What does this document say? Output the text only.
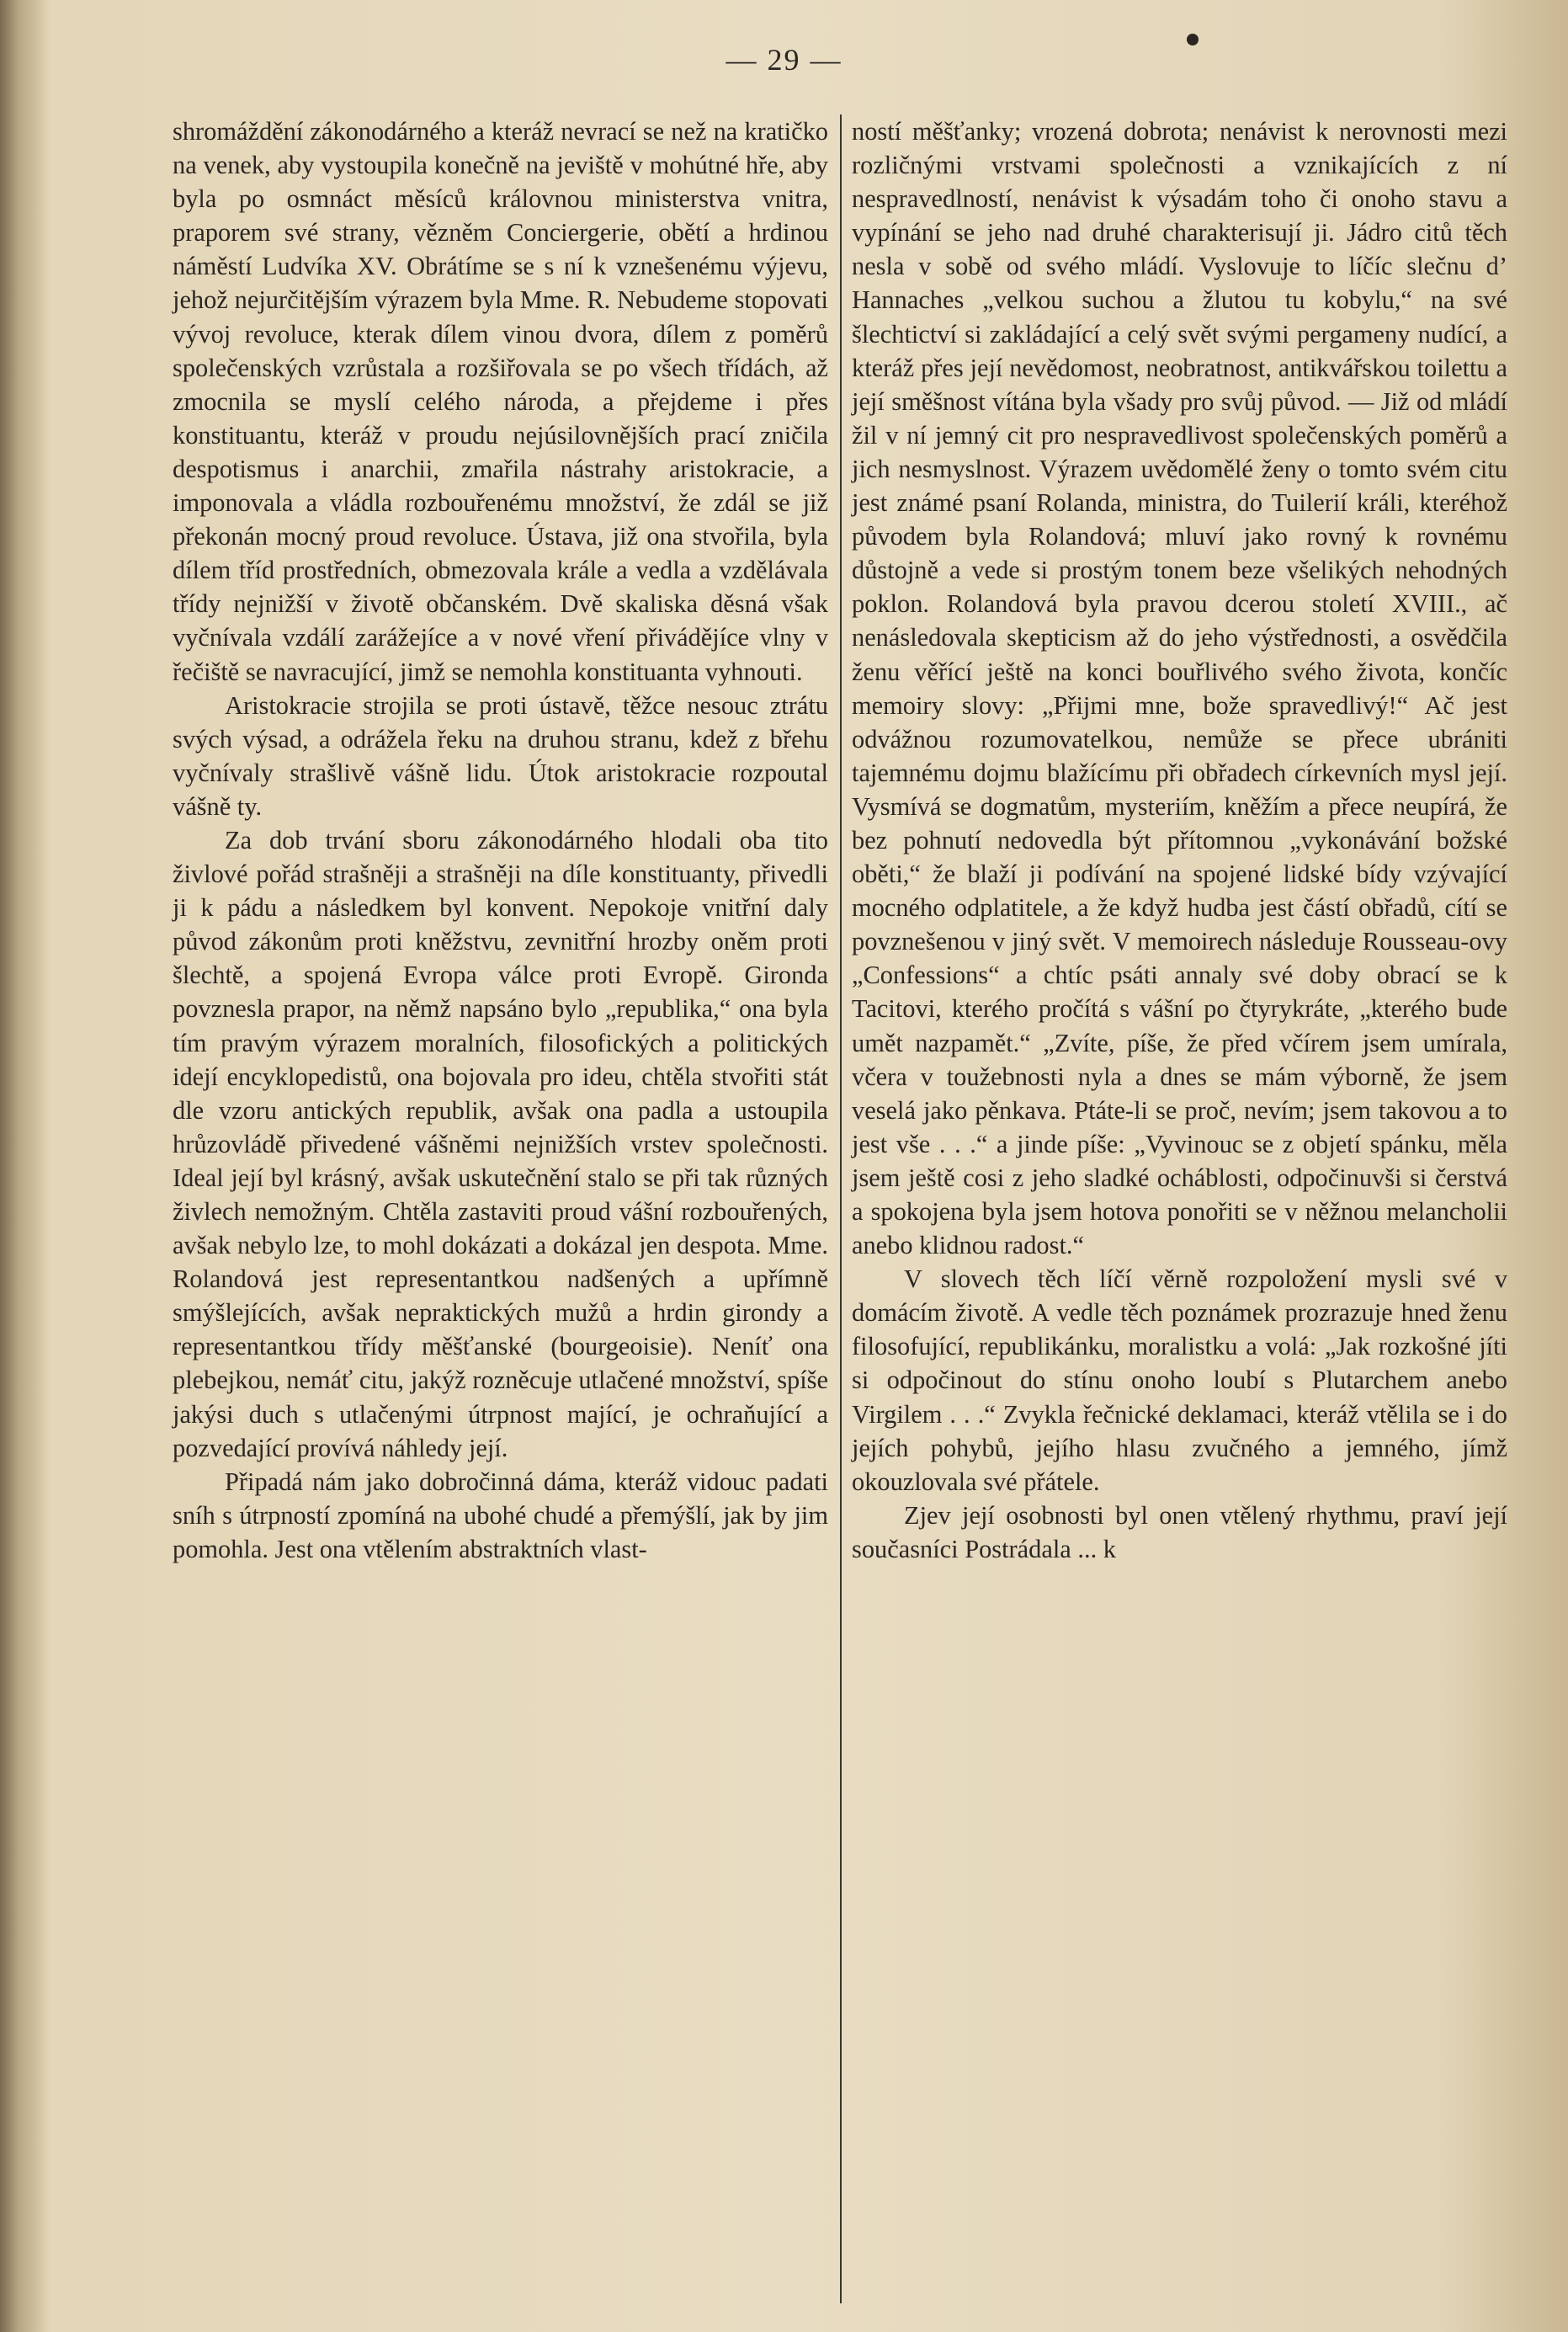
— 29 —

shromáždění zákonodárného a kteráž nevrací se než na kratičko na venek, aby vystoupila konečně na jeviště v mohútné hře, aby byla po osmnáct měsíců královnou ministerstva vnitra, praporem své strany, vězněm Conciergerie, obětí a hrdinou náměstí Ludvíka XV. Obrátíme se s ní k vznešenému výjevu, jehož nejurčitějším výrazem byla Mme. R. Nebudeme stopovati vývoj revoluce, kterak dílem vinou dvora, dílem z poměrů společenských vzrůstala a rozšiřovala se po všech třídách, až zmocnila se myslí celého národa, a přejdeme i přes konstituantu, kteráž v proudu nejúsilovnějších prací zničila despotismus i anarchii, zmařila nástrahy aristokracie, a imponovala a vládla rozbouřenému množství, že zdál se již překonán mocný proud revoluce. Ústava, již ona stvořila, byla dílem tříd prostředních, obmezovala krále a vedla a vzdělávala třídy nejnižší v životě občanském. Dvě skaliska děsná však vyčnívala vzdálí zarážejíce a v nové vření přivádějíce vlny v řečiště se navracující, jimž se nemohla konstituanta vyhnouti.

Aristokracie strojila se proti ústavě, těžce nesouc ztrátu svých výsad, a odrážela řeku na druhou stranu, kdež z břehu vyčnívaly strašlivě vášně lidu. Útok aristokracie rozpoutal vášně ty.

Za dob trvání sboru zákonodárného hlodali oba tito živlové pořád strašněji a strašněji na díle konstituanty, přivedli ji k pádu a následkem byl konvent. Nepokoje vnitřní daly původ zákonům proti kněžstvu, zevnitřní hrozby oněm proti šlechtě, a spojená Evropa válce proti Evropě. Gironda povznesla prapor, na němž napsáno bylo „republika,“ ona byla tím pravým výrazem moralních, filosofických a politických idejí encyklopedistů, ona bojovala pro ideu, chtěla stvořiti stát dle vzoru antických republik, avšak ona padla a ustoupila hrůzovládě přivedené vášněmi nejnižších vrstev společnosti. Ideal její byl krásný, avšak uskutečnění stalo se při tak různých živlech nemožným. Chtěla zastaviti proud vášní rozbouřených, avšak nebylo lze, to mohl dokázati a dokázal jen despota. Mme. Rolandová jest representantkou nadšených a upřímně smýšlejících, avšak nepraktických mužů a hrdin girondy a representantkou třídy měšťanské (bourgeoisie). Neníť ona plebejkou, nemáť citu, jakýž rozněcuje utlačené množství, spíše jakýsi duch s utlačenými útrpnost mající, je ochraňující a pozvedající provívá náhledy její.

Připadá nám jako dobročinná dáma, kteráž vidouc padati sníh s útrpností zpomíná na ubohé chudé a přemýšlí, jak by jim pomohla. Jest ona vtělením abstraktních vlast-

ností měšťanky; vrozená dobrota; nenávist k nerovnosti mezi rozličnými vrstvami společnosti a vznikajících z ní nespravedlností, nenávist k výsadám toho či onoho stavu a vypínání se jeho nad druhé charakterisují ji. Jádro citů těch nesla v sobě od svého mládí. Vyslovuje to líčíc slečnu d’ Hannaches „velkou suchou a žlutou tu kobylu,“ na své šlechtictví si zakládající a celý svět svými pergameny nudící, a kteráž přes její nevědomost, neobratnost, antikvářskou toilettu a její směšnost vítána byla všady pro svůj původ. — Již od mládí žil v ní jemný cit pro nespravedlivost společenských poměrů a jich nesmyslnost. Výrazem uvědomělé ženy o tomto svém citu jest známé psaní Rolanda, ministra, do Tuilerií králi, kteréhož původem byla Rolandová; mluví jako rovný k rovnému důstojně a vede si prostým tonem beze všelikých nehodných poklon. Rolandová byla pravou dcerou století XVIII., ač nenásledovala skepticism až do jeho výstřednosti, a osvědčila ženu věřící ještě na konci bouřlivého svého života, končíc memoiry slovy: „Přijmi mne, bože spravedlivý!“ Ač jest odvážnou rozumovatelkou, nemůže se přece ubrániti tajemnému dojmu blažícímu při obřadech církevních mysl její. Vysmívá se dogmatům, mysteriím, kněžím a přece neupírá, že bez pohnutí nedovedla být přítomnou „vykonávání božské oběti,“ že blaží ji podívání na spojené lidské bídy vzývající mocného odplatitele, a že když hudba jest částí obřadů, cítí se povznešenou v jiný svět. V memoirech následuje Rousseau-ovy „Confessions“ a chtíc psáti annaly své doby obrací se k Tacitovi, kterého pročítá s vášní po čtyrykráte, „kterého bude umět nazpamět.“ „Zvíte, píše, že před včírem jsem umírala, včera v toužebnosti nyla a dnes se mám výborně, že jsem veselá jako pěnkava. Ptáte-li se proč, nevím; jsem takovou a to jest vše . . .“ a jinde píše: „Vyvinouc se z objetí spánku, měla jsem ještě cosi z jeho sladké ocháblosti, odpočinuvši si čerstvá a spokojena byla jsem hotova ponořiti se v něžnou melancholii anebo klidnou radost.“

V slovech těch líčí věrně rozpoložení mysli své v domácím životě. A vedle těch poznámek prozrazuje hned ženu filosofující, republikánku, moralistku a volá: „Jak rozkošné jíti si odpočinout do stínu onoho loubí s Plutarchem anebo Virgilem . . .“ Zvykla řečnické deklamaci, kteráž vtělila se i do jejích pohybů, jejího hlasu zvučného a jemného, jímž okouzlovala své přátele.

Zjev její osobnosti byl onen vtělený rhythmu, praví její současníci Postrádala ... k
